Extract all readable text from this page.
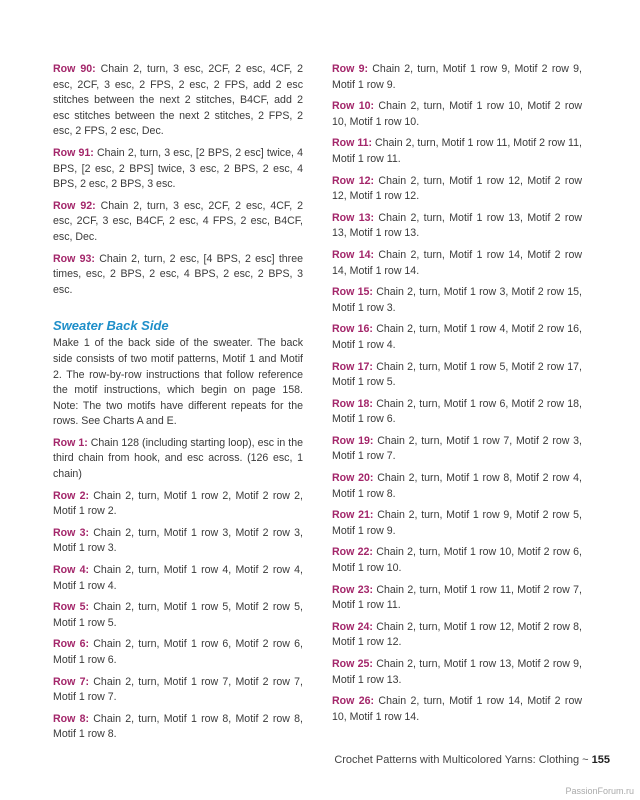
Row 90: Chain 2, turn, 3 esc, 2CF, 2 esc, 4CF, 2 esc, 2CF, 3 esc, 2 FPS, 2 esc, 2 FPS, add 2 esc stitches between the next 2 stitches, B4CF, add 2 esc stitches between the next 2 stitches, 2 FPS, 2 esc, 2 FPS, 2 esc, Dec.

Row 91: Chain 2, turn, 3 esc, [2 BPS, 2 esc] twice, 4 BPS, [2 esc, 2 BPS] twice, 3 esc, 2 BPS, 2 esc, 4 BPS, 2 esc, 2 BPS, 3 esc.

Row 92: Chain 2, turn, 3 esc, 2CF, 2 esc, 4CF, 2 esc, 2CF, 3 esc, B4CF, 2 esc, 4 FPS, 2 esc, B4CF, esc, Dec.

Row 93: Chain 2, turn, 2 esc, [4 BPS, 2 esc] three times, esc, 2 BPS, 2 esc, 4 BPS, 2 esc, 2 BPS, 3 esc.

Sweater Back Side

Make 1 of the back side of the sweater. The back side consists of two motif patterns, Motif 1 and Motif 2. The row-by-row instructions that follow reference the motif instructions, which begin on page 158. Note: The two motifs have different repeats for the rows. See Charts A and E.

Row 1: Chain 128 (including starting loop), esc in the third chain from hook, and esc across. (126 esc, 1 chain)

Row 2: Chain 2, turn, Motif 1 row 2, Motif 2 row 2, Motif 1 row 2.

Row 3: Chain 2, turn, Motif 1 row 3, Motif 2 row 3, Motif 1 row 3.

Row 4: Chain 2, turn, Motif 1 row 4, Motif 2 row 4, Motif 1 row 4.

Row 5: Chain 2, turn, Motif 1 row 5, Motif 2 row 5, Motif 1 row 5.

Row 6: Chain 2, turn, Motif 1 row 6, Motif 2 row 6, Motif 1 row 6.

Row 7: Chain 2, turn, Motif 1 row 7, Motif 2 row 7, Motif 1 row 7.

Row 8: Chain 2, turn, Motif 1 row 8, Motif 2 row 8, Motif 1 row 8.

Row 9: Chain 2, turn, Motif 1 row 9, Motif 2 row 9, Motif 1 row 9.

Row 10: Chain 2, turn, Motif 1 row 10, Motif 2 row 10, Motif 1 row 10.

Row 11: Chain 2, turn, Motif 1 row 11, Motif 2 row 11, Motif 1 row 11.

Row 12: Chain 2, turn, Motif 1 row 12, Motif 2 row 12, Motif 1 row 12.

Row 13: Chain 2, turn, Motif 1 row 13, Motif 2 row 13, Motif 1 row 13.

Row 14: Chain 2, turn, Motif 1 row 14, Motif 2 row 14, Motif 1 row 14.

Row 15: Chain 2, turn, Motif 1 row 3, Motif 2 row 15, Motif 1 row 3.

Row 16: Chain 2, turn, Motif 1 row 4, Motif 2 row 16, Motif 1 row 4.

Row 17: Chain 2, turn, Motif 1 row 5, Motif 2 row 17, Motif 1 row 5.

Row 18: Chain 2, turn, Motif 1 row 6, Motif 2 row 18, Motif 1 row 6.

Row 19: Chain 2, turn, Motif 1 row 7, Motif 2 row 3, Motif 1 row 7.

Row 20: Chain 2, turn, Motif 1 row 8, Motif 2 row 4, Motif 1 row 8.

Row 21: Chain 2, turn, Motif 1 row 9, Motif 2 row 5, Motif 1 row 9.

Row 22: Chain 2, turn, Motif 1 row 10, Motif 2 row 6, Motif 1 row 10.

Row 23: Chain 2, turn, Motif 1 row 11, Motif 2 row 7, Motif 1 row 11.

Row 24: Chain 2, turn, Motif 1 row 12, Motif 2 row 8, Motif 1 row 12.

Row 25: Chain 2, turn, Motif 1 row 13, Motif 2 row 9, Motif 1 row 13.

Row 26: Chain 2, turn, Motif 1 row 14, Motif 2 row 10, Motif 1 row 14.

Crochet Patterns with Multicolored Yarns: Clothing ~ 155
PassionForum.ru
